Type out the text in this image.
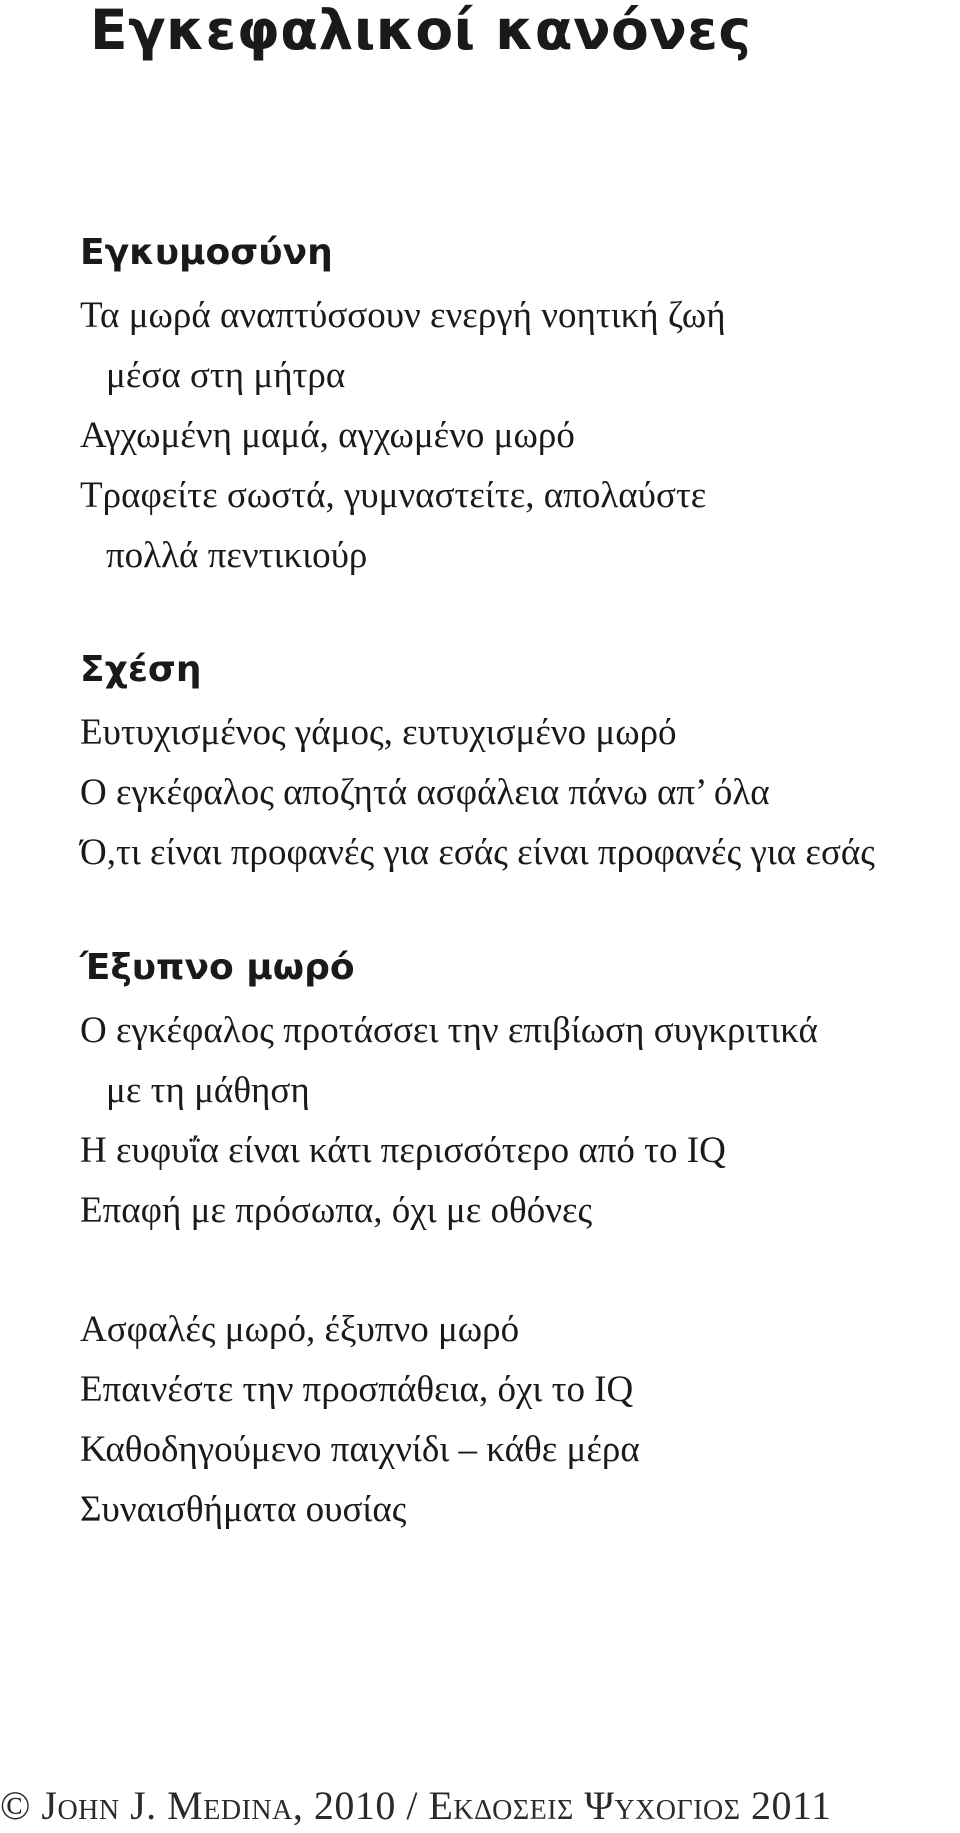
Εγκεφαλικοί κανόνες
Εγκυμοσύνη

Τα μωρά αναπτύσσουν ενεργή νοητική ζωή

μέσα στη μήτρα

Αγχωμένη μαμά, αγχωμένο μωρό

Τραφείτε σωστά, γυμναστείτε, απολαύστε

πολλά πεντικιούρ

Σχέση

Ευτυχισμένος γάμος, ευτυχισμένο μωρό

Ο εγκέφαλος αποζητά ασφάλεια πάνω απ’ όλα

Ό,τι είναι προφανές για εσάς είναι προφανές για εσάς

Έξυπνο μωρό

Ο εγκέφαλος προτάσσει την επιβίωση συγκριτικά

με τη μάθηση

Η ευφυΐα είναι κάτι περισσότερο από το IQ

Επαφή με πρόσωπα, όχι με οθόνες

Ασφαλές μωρό, έξυπνο μωρό

Επαινέστε την προσπάθεια, όχι το IQ

Καθοδηγούμενο παιχνίδι – κάθε μέρα

Συναισθήματα ουσίας

© John J. Medina, 2010 / Εκδοσεις Ψυχογιος 2011
